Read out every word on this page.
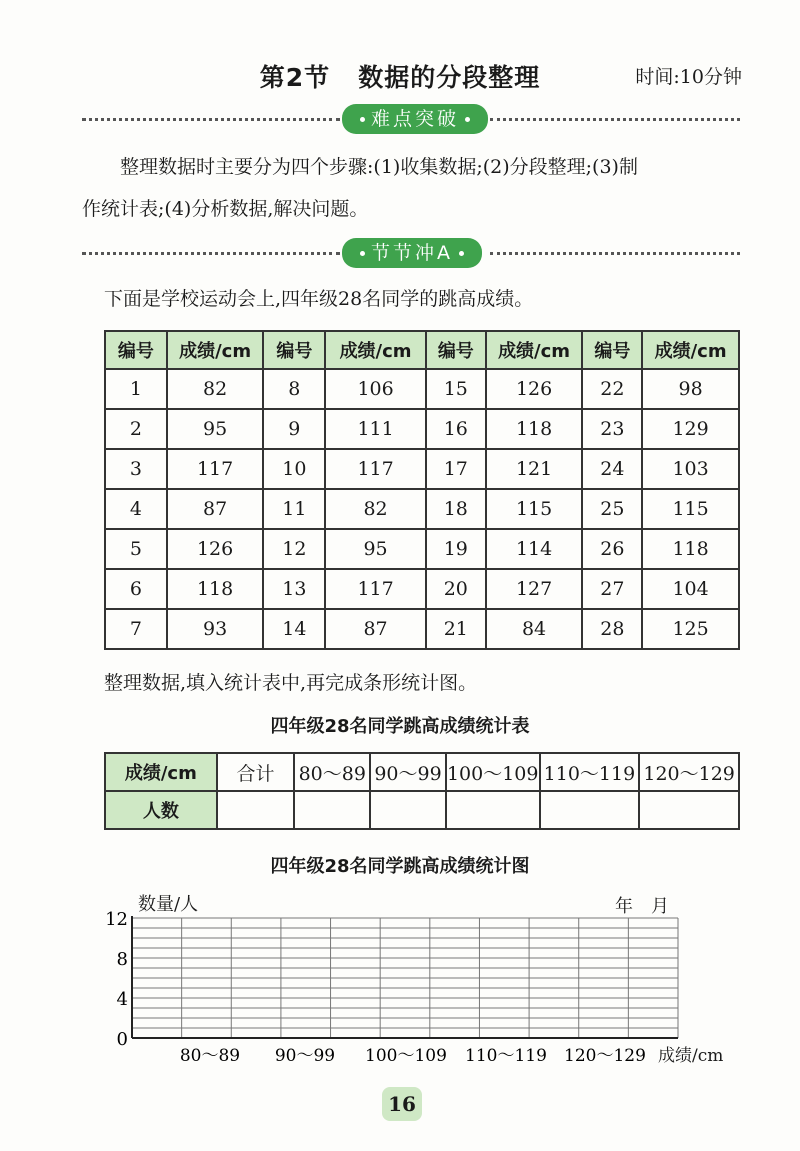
第2节 数据的分段整理	时间:10分钟
难点突破
整理数据时主要分为四个步骤:(1)收集数据;(2)分段整理;(3)制
作统计表;(4)分析数据,解决问题。
节节冲A
下面是学校运动会上,四年级28名同学的跳高成绩。
编号	成绩/cm	编号	成绩/cm	编号	成绩/cm	编号	成绩/cm
1	82	8	106	15	126	22	98
2	95	9	111	16	118	23	129
3	117	10	117	17	121	24	103
4	87	11	82	18	115	25	115
5	126	12	95	19	114	26	118
6	118	13	117	20	127	27	104
7	93	14	87	21	84	28	125
整理数据,填入统计表中,再完成条形统计图。
四年级28名同学跳高成绩统计表
成绩/cm	合计	80～89	90～99	100～109	110～119	120～129
人数						
四年级28名同学跳高成绩统计图
0
4
8
12
80～89 90～99 100～109 110～119 120～129
数量/人
成绩/cm
年　月
16
